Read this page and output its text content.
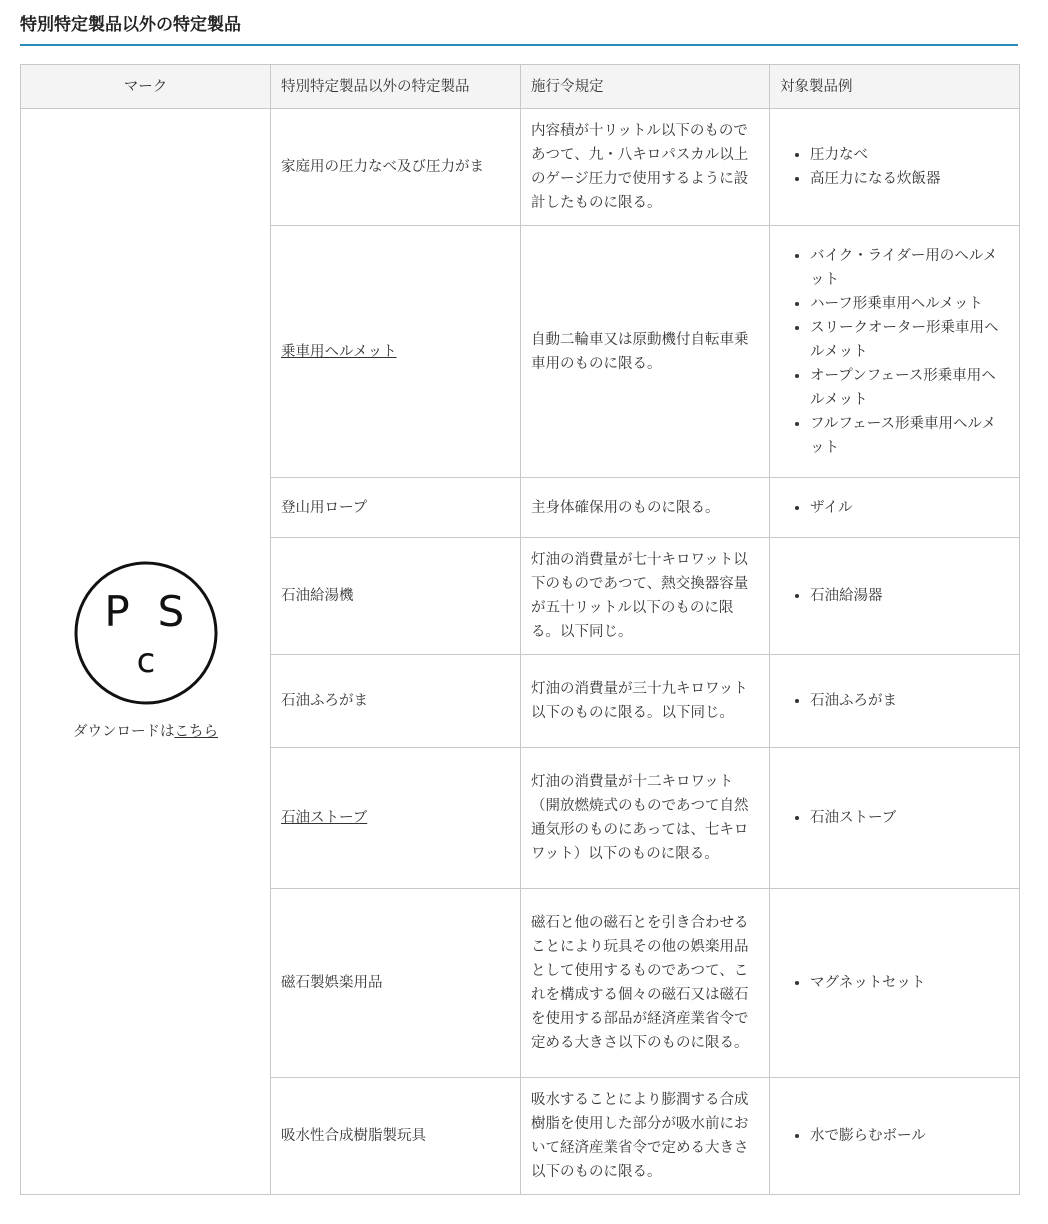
特別特定製品以外の特定製品
マーク	特別特定製品以外の特定製品	施行令規定	対象製品例

P S
c
ダウンロードはこちら
	家庭用の圧力なべ及び圧力がま	内容積が十リットル以下のものであつて、九・八キロパスカル以上のゲージ圧力で使用するように設計したものに限る。	
• 圧力なべ
• 高圧力になる炊飯器

乗車用ヘルメット	自動二輪車又は原動機付自転車乗車用のものに限る。	
• バイク・ライダー用のヘルメット
• ハーフ形乗車用ヘルメット
• スリークオーター形乗車用ヘルメット
• オープンフェース形乗車用ヘルメット
• フルフェース形乗車用ヘルメット

登山用ロープ	主身体確保用のものに限る。	
•ザイル

石油給湯機	灯油の消費量が七十キロワット以下のものであつて、熱交換器容量が五十リットル以下のものに限る。以下同じ。	
• 石油給湯器

石油ふろがま	灯油の消費量が三十九キロワット以下のものに限る。以下同じ。	
• 石油ふろがま

石油ストーブ	灯油の消費量が十二キロワット（開放燃焼式のものであつて自然通気形のものにあっては、七キロワット）以下のものに限る。	
• 石油ストーブ

磁石製娯楽用品	磁石と他の磁石とを引き合わせることにより玩具その他の娯楽用品として使用するものであつて、これを構成する個々の磁石又は磁石を使用する部品が経済産業省令で定める大きさ以下のものに限る。	
• マグネットセット

吸水性合成樹脂製玩具	吸水することにより膨潤する合成樹脂を使用した部分が吸水前において経済産業省令で定める大きさ以下のものに限る。	
• 水で膨らむボール
